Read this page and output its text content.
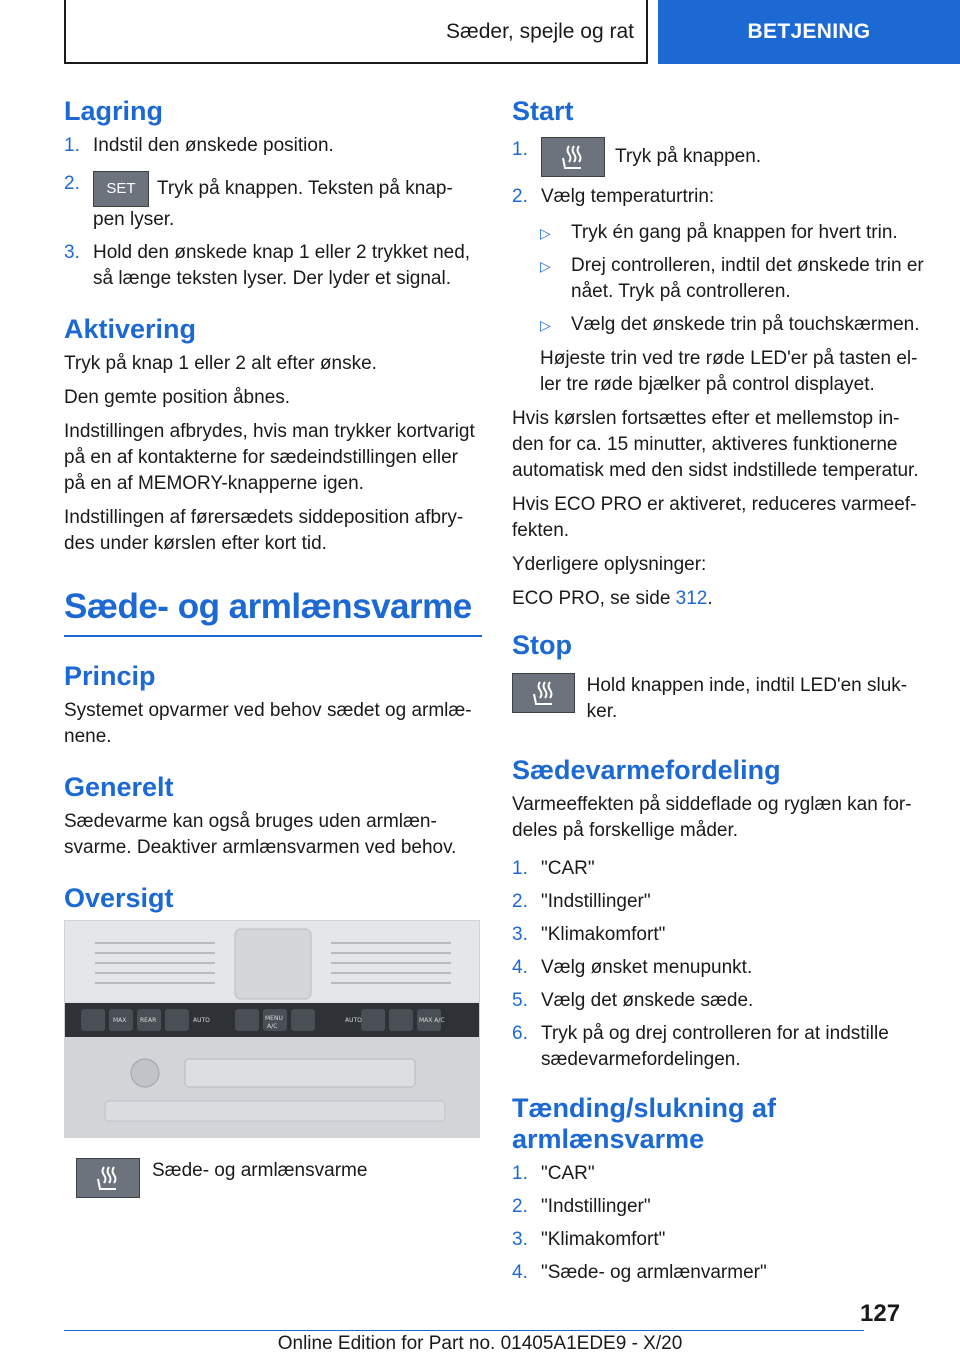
Sæder, spejle og rat	BETJENING
Lagring
1. Indstil den ønskede position.
2. SET Tryk på knappen. Teksten på knap-pen lyser.
3. Hold den ønskede knap 1 eller 2 trykket ned, så længe teksten lyser. Der lyder et signal.
Aktivering

Tryk på knap 1 eller 2 alt efter ønske.

Den gemte position åbnes.

Indstillingen afbrydes, hvis man trykker kortvarigt på en af kontakterne for sædeindstillingen eller på en af MEMORY-knapperne igen.

Indstillingen af førersædets siddeposition afbry-des under kørslen efter kort tid.

Sæde- og armlænsvarme
Princip

Systemet opvarmer ved behov sædet og armlæ-nene.

Generelt

Sædevarme kan også bruges uden armlæn-svarme. Deaktiver armlænsvarmen ved behov.

Oversigt
MAX REAR	AUTO	MENU
A/C
AUTO	MAX A/C
Sæde- og armlænsvarme
Start
1.	Tryk på knappen.
2. Vælg temperaturtrin:
▷ Tryk én gang på knappen for hvert trin.
▷ Drej controlleren, indtil det ønskede trin er nået. Tryk på controlleren.
▷ Vælg det ønskede trin på touchskærmen.

Højeste trin ved tre røde LED'er på tasten el-ler tre røde bjælker på control displayet.

Hvis kørslen fortsættes efter et mellemstop in-den for ca. 15 minutter, aktiveres funktionerne automatisk med den sidst indstillede temperatur.

Hvis ECO PRO er aktiveret, reduceres varmeef-fekten.

Yderligere oplysninger:

ECO PRO, se side 312.

Stop

Hold knappen inde, indtil LED'en sluk-ker.

Sædevarmefordeling

Varmeeffekten på siddeflade og ryglæn kan for-deles på forskellige måder.

1. "CAR"
2. "Indstillinger"
3. "Klimakomfort"
4. Vælg ønsket menupunkt.
5. Vælg det ønskede sæde.
6. Tryk på og drej controlleren for at indstille sædevarmefordelingen.
Tænding/slukning af armlænsvarme
1. "CAR"
2. "Indstillinger"
3. "Klimakomfort"
4. "Sæde- og armlænvarmer"
127
Online Edition for Part no. 01405A1EDE9 - X/20
